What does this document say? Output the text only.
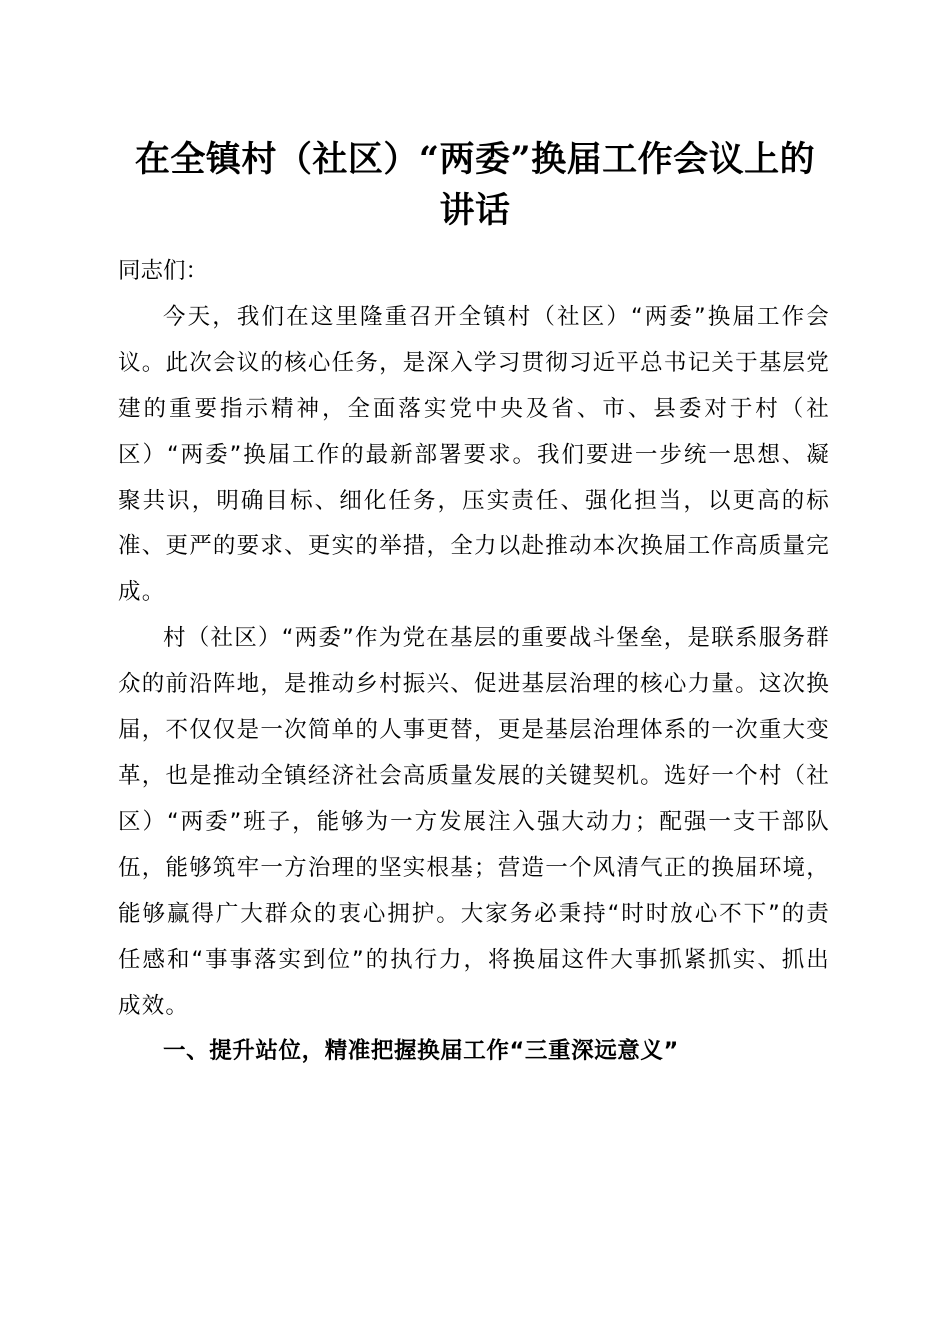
在全镇村（社区）“两委”换届工作会议上的讲话

同志们：

今天，我们在这里隆重召开全镇村（社区）“两委”换届工作会议。此次会议的核心任务，是深入学习贯彻习近平总书记关于基层党建的重要指示精神，全面落实党中央及省、市、县委对于村（社区）“两委”换届工作的最新部署要求。我们要进一步统一思想、凝聚共识，明确目标、细化任务，压实责任、强化担当，以更高的标准、更严的要求、更实的举措，全力以赴推动本次换届工作高质量完成。

村（社区）“两委”作为党在基层的重要战斗堡垒，是联系服务群众的前沿阵地，是推动乡村振兴、促进基层治理的核心力量。这次换届，不仅仅是一次简单的人事更替，更是基层治理体系的一次重大变革，也是推动全镇经济社会高质量发展的关键契机。选好一个村（社区）“两委”班子，能够为一方发展注入强大动力；配强一支干部队伍，能够筑牢一方治理的坚实根基；营造一个风清气正的换届环境，能够赢得广大群众的衷心拥护。大家务必秉持“时时放心不下”的责任感和“事事落实到位”的执行力，将换届这件大事抓紧抓实、抓出成效。

一、提升站位，精准把握换届工作“三重深远意义”
